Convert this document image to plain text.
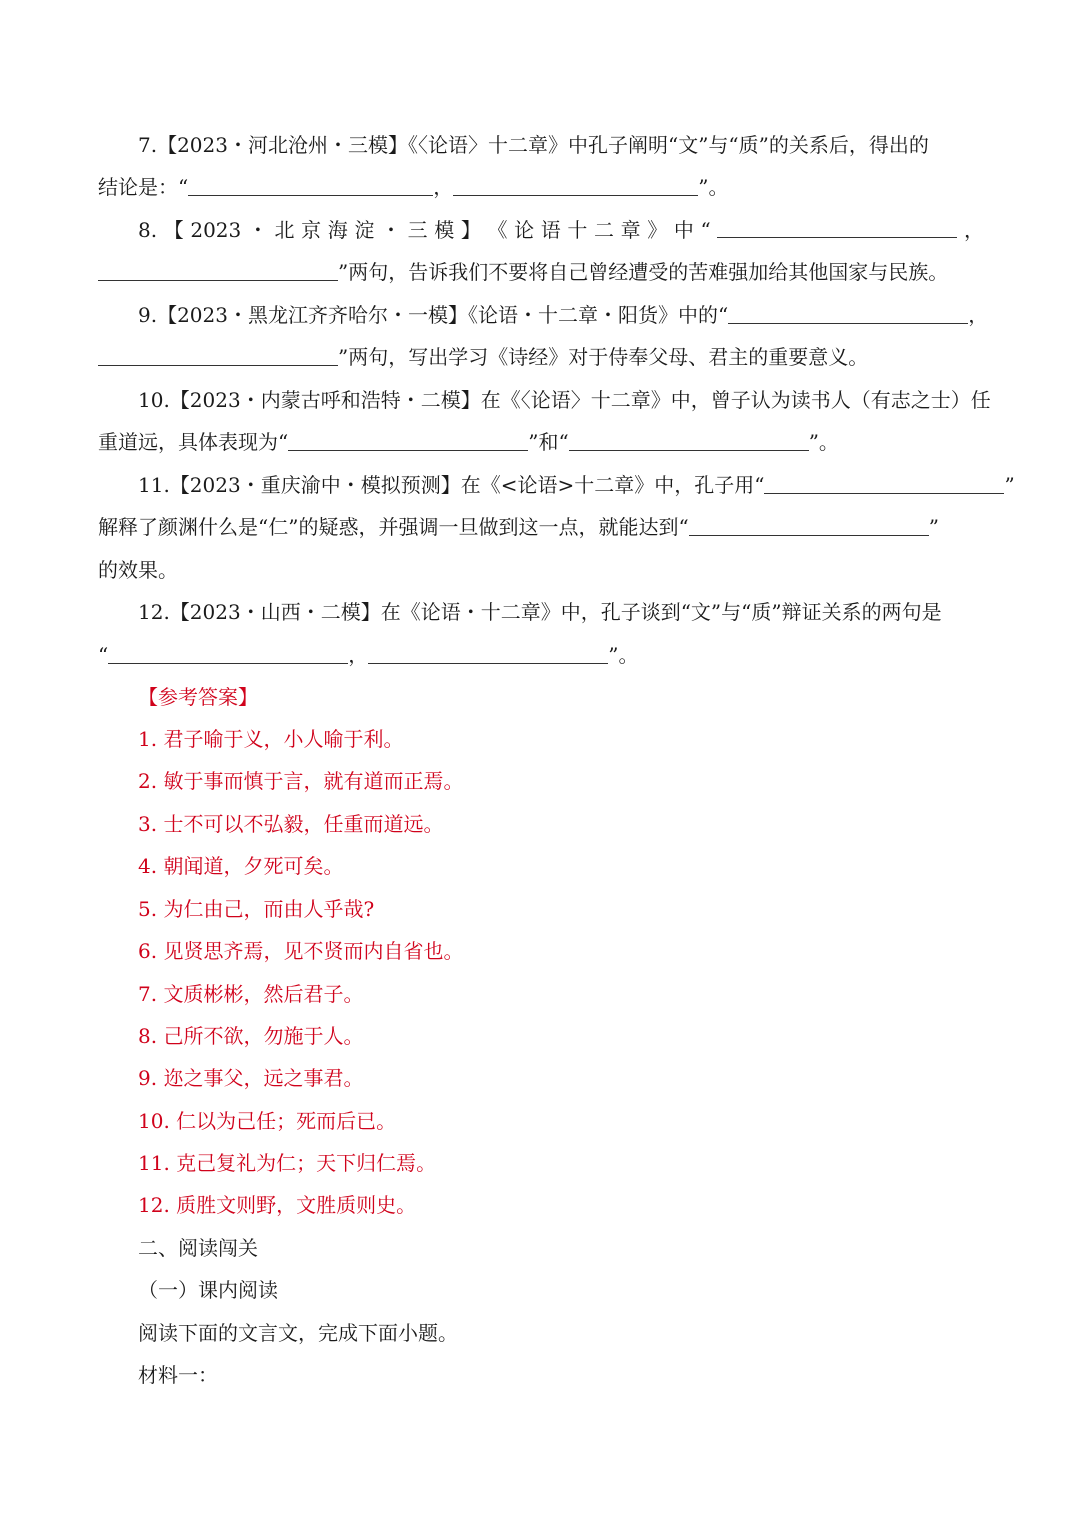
7.【2023・河北沧州・三模】《〈论语〉十二章》中孔子阐明“文”与“质”的关系后，得出的
结论是：“	，	”。
8. 【 2023 ・ 北 京 海 淀 ・ 三 模 】 《 论 语 十 二 章 》 中 “	，
”两句，告诉我们不要将自己曾经遭受的苦难强加给其他国家与民族。
9.【2023・黑龙江齐齐哈尔・一模】《论语・十二章・阳货》中的“	，
”两句，写出学习《诗经》对于侍奉父母、君主的重要意义。
10.【2023・内蒙古呼和浩特・二模】在《〈论语〉十二章》中，曾子认为读书人（有志之士）任
重道远，具体表现为“	”和“	”。
11.【2023・重庆渝中・模拟预测】在《<论语>十二章》中，孔子用“	”
解释了颜渊什么是“仁”的疑惑，并强调一旦做到这一点，就能达到“	”
的效果。
12.【2023・山西・二模】在《论语・十二章》中，孔子谈到“文”与“质”辩证关系的两句是
“	，	”。
【参考答案】
1. 君子喻于义，小人喻于利。
2. 敏于事而慎于言，就有道而正焉。
3. 士不可以不弘毅，任重而道远。
4. 朝闻道，夕死可矣。
5. 为仁由己，而由人乎哉?
6. 见贤思齐焉，见不贤而内自省也。
7. 文质彬彬，然后君子。
8. 己所不欲，勿施于人。
9. 迩之事父，远之事君。
10. 仁以为己任；死而后已。
11. 克己复礼为仁；天下归仁焉。
12. 质胜文则野，文胜质则史。
二、阅读闯关
（一）课内阅读
阅读下面的文言文，完成下面小题。
材料一：
